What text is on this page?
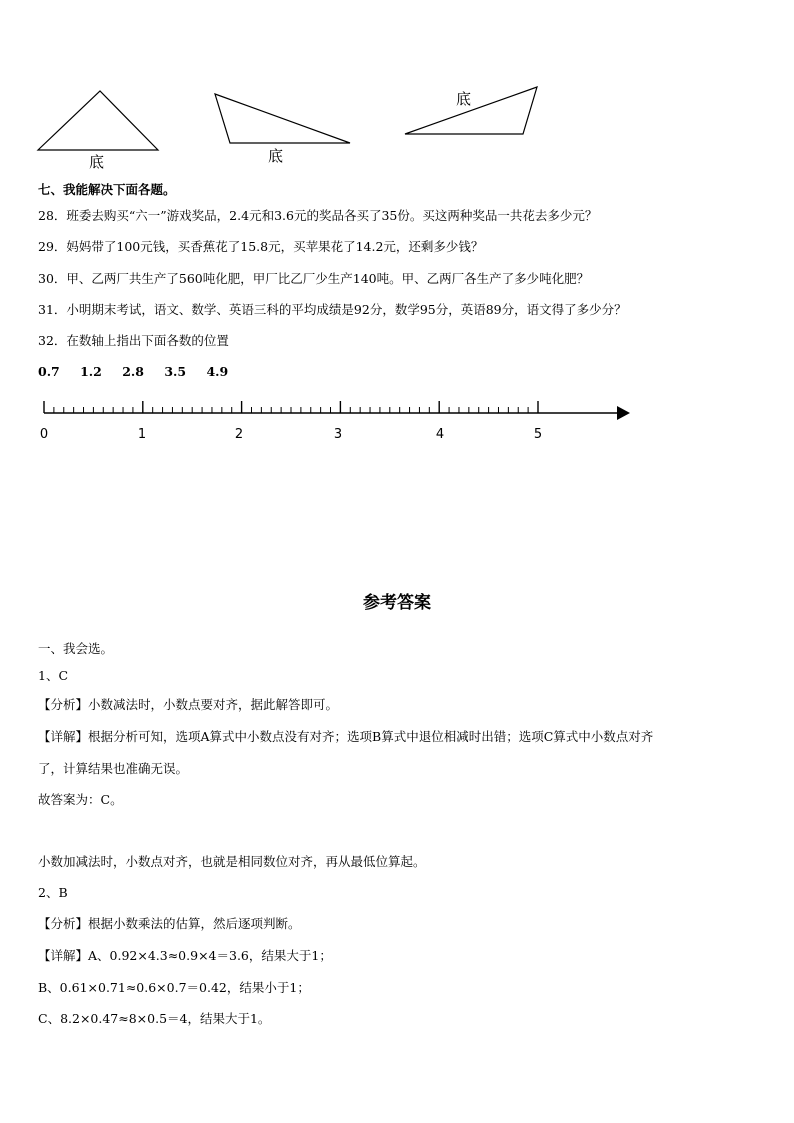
底	底
底
七、我能解决下面各题。
28．班委去购买“六一”游戏奖品，2.4元和3.6元的奖品各买了35份。买这两种奖品一共花去多少元？
29．妈妈带了100元钱，买香蕉花了15.8元，买苹果花了14.2元，还剩多少钱？
30．甲、乙两厂共生产了560吨化肥，甲厂比乙厂少生产140吨。甲、乙两厂各生产了多少吨化肥？
31．小明期末考试，语文、数学、英语三科的平均成绩是92分，数学95分，英语89分，语文得了多少分？
32．在数轴上指出下面各数的位置
0.7 1.2 2.8 3.5 4.9
0	1	2	3	4	5
参考答案
一、我会选。
1、C
【分析】小数减法时，小数点要对齐，据此解答即可。
【详解】根据分析可知，选项A算式中小数点没有对齐；选项B算式中退位相减时出错；选项C算式中小数点对齐
了，计算结果也准确无误。
故答案为：C。
小数加减法时，小数点对齐，也就是相同数位对齐，再从最低位算起。
2、B
【分析】根据小数乘法的估算，然后逐项判断。
【详解】A、0.92×4.3≈0.9×4＝3.6，结果大于1；
B、0.61×0.71≈0.6×0.7＝0.42，结果小于1；
C、8.2×0.47≈8×0.5＝4，结果大于1。
